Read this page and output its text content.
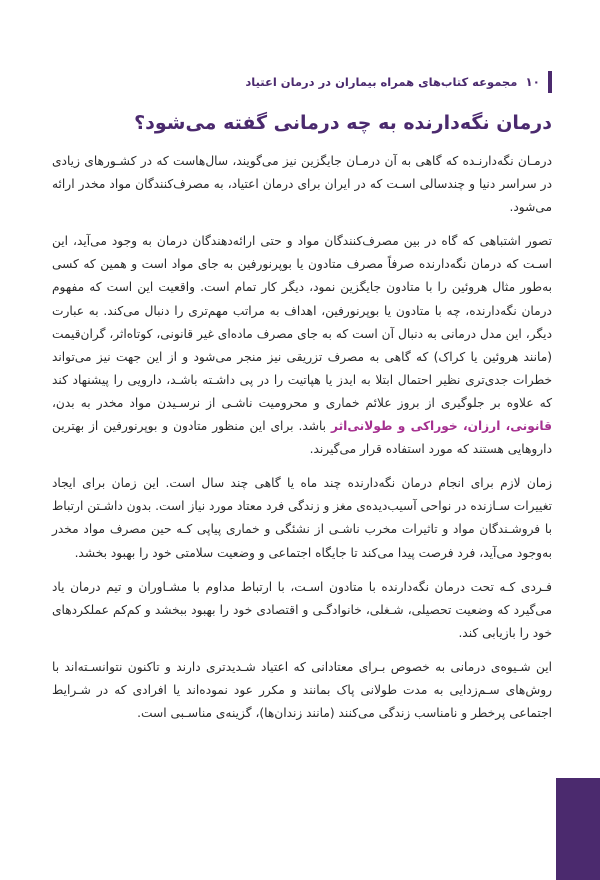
۱۰
مجموعه کتاب‌های همراه بیماران در درمان اعتیاد
درمان نگه‌دارنده به چه درمانی گفته می‌شود؟

درمـان نگه‌دارنـده که گاهی به آن درمـان جایگزین نیز می‌گویند، سال‌هاست که در کشـورهای زیادی در سراسر دنیا و چندسالی اسـت که در ایران برای درمان اعتیاد، به مصرف‌کنندگان مواد مخدر ارائه می‌شود.

تصور اشتباهی که گاه در بین مصرف‌کنندگان مواد و حتی ارائه‌دهندگان درمان به وجود می‌آید، این اسـت که درمان نگه‌دارنده صرفاً مصرف متادون یا بوپرنورفین به جای مواد است و همین که کسی به‌طور مثال هروئین را با متادون جایگزین نمود، دیگر کار تمام است. واقعیت این است که مفهوم درمان نگه‌دارنده، چه با متادون یا بوپرنورفین، اهداف به مراتب مهم‌تری را دنبال می‌کند. به عبارت دیگر، این مدل درمانی به دنبال آن است که به جای مصرف ماده‌ای غیر قانونی، کوتاه‌اثر، گران‌قیمت (مانند هروئین یا کراک) که گاهی به مصرف تزریقی نیز منجر می‌شود و از این جهت نیز می‌تواند خطرات جدی‌تری نظیر احتمال ابتلا به ایدز یا هپاتیت را در پی داشـته باشـد، دارویی را پیشنهاد کند که علاوه بر جلوگیری از بروز علائم خماری و محرومیت ناشـی از نرسـیدن مواد مخدر به بدن، قانونی، ارزان، خوراکی و طولانی‌اثر باشد. برای این منظور متادون و بوپرنورفین از بهترین داروهایی هستند که مورد استفاده قرار می‌گیرند.

زمان لازم برای انجام درمان نگه‌دارنده چند ماه یا گاهی چند سال است. این زمان برای ایجاد تغییرات سـازنده در نواحی آسیب‌دیده‌ی مغز و زندگی فرد معتاد مورد نیاز است. بدون داشـتن ارتباط با فروشـندگان مواد و تاثیرات مخرب ناشـی از نشئگی و خماری پیاپی کـه حین مصرف مواد مخدر به‌وجود می‌آید، فرد فرصت پیدا می‌کند تا جایگاه اجتماعی و وضعیت سلامتی خود را بهبود بخشد.

فـردی کـه تحت درمان نگه‌دارنده با متادون اسـت، با ارتباط مداوم با مشـاوران و تیم درمان یاد می‌گیرد که وضعیت تحصیلی، شـغلی، خانوادگـی و اقتصادی خود را بهبود ببخشد و کم‌کم عملکردهای خود را بازیابی کند.

این شـیوه‌ی درمانی به خصوص بـرای معتادانی که اعتیاد شـدیدتری دارند و تاکنون نتوانسـته‌اند با روش‌های سـم‌زدایی به مدت طولانی پاک بمانند و مکرر عود نموده‌اند یا افرادی که در شـرایط اجتماعی پرخطر و نامناسب زندگی می‌کنند (مانند زندان‌ها)، گزینه‌ی مناسـبی است.
